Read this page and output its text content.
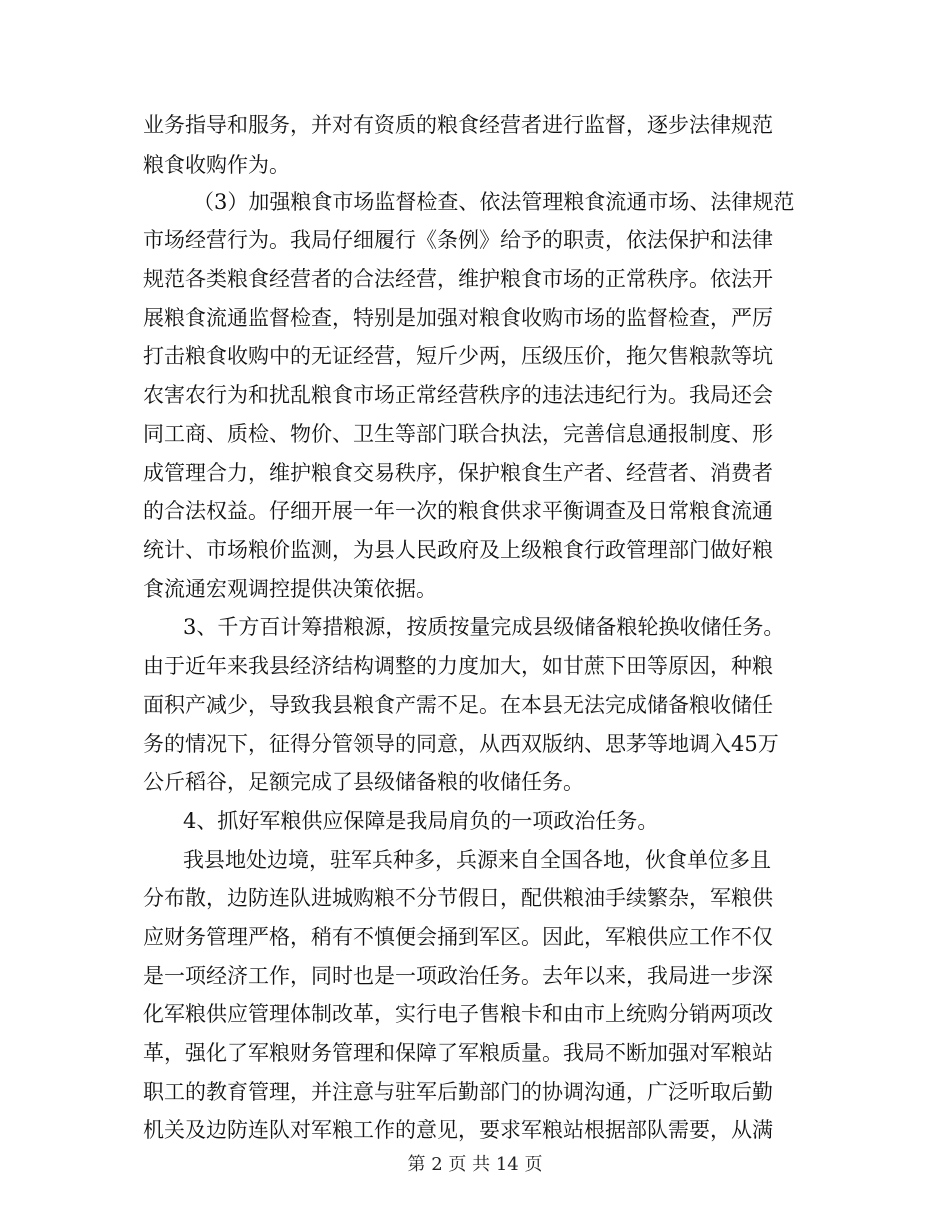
业务指导和服务，并对有资质的粮食经营者进行监督，逐步法律规范
粮食收购作为。
（3）加强粮食市场监督检查、依法管理粮食流通市场、法律规范
市场经营行为。我局仔细履行《条例》给予的职责，依法保护和法律
规范各类粮食经营者的合法经营，维护粮食市场的正常秩序。依法开
展粮食流通监督检查，特别是加强对粮食收购市场的监督检查，严厉
打击粮食收购中的无证经营，短斤少两，压级压价，拖欠售粮款等坑
农害农行为和扰乱粮食市场正常经营秩序的违法违纪行为。我局还会
同工商、质检、物价、卫生等部门联合执法，完善信息通报制度、形
成管理合力，维护粮食交易秩序，保护粮食生产者、经营者、消费者
的合法权益。仔细开展一年一次的粮食供求平衡调查及日常粮食流通
统计、市场粮价监测，为县人民政府及上级粮食行政管理部门做好粮
食流通宏观调控提供决策依据。
3、千方百计筹措粮源，按质按量完成县级储备粮轮换收储任务。
由于近年来我县经济结构调整的力度加大，如甘蔗下田等原因，种粮
面积产减少，导致我县粮食产需不足。在本县无法完成储备粮收储任
务的情况下，征得分管领导的同意，从西双版纳、思茅等地调入45万
公斤稻谷，足额完成了县级储备粮的收储任务。
4、抓好军粮供应保障是我局肩负的一项政治任务。
我县地处边境，驻军兵种多，兵源来自全国各地，伙食单位多且
分布散，边防连队进城购粮不分节假日，配供粮油手续繁杂，军粮供
应财务管理严格，稍有不慎便会捅到军区。因此，军粮供应工作不仅
是一项经济工作，同时也是一项政治任务。去年以来，我局进一步深
化军粮供应管理体制改革，实行电子售粮卡和由市上统购分销两项改
革，强化了军粮财务管理和保障了军粮质量。我局不断加强对军粮站
职工的教育管理，并注意与驻军后勤部门的协调沟通，广泛听取后勤
机关及边防连队对军粮工作的意见，要求军粮站根据部队需要，从满
第 2 页 共 14 页
